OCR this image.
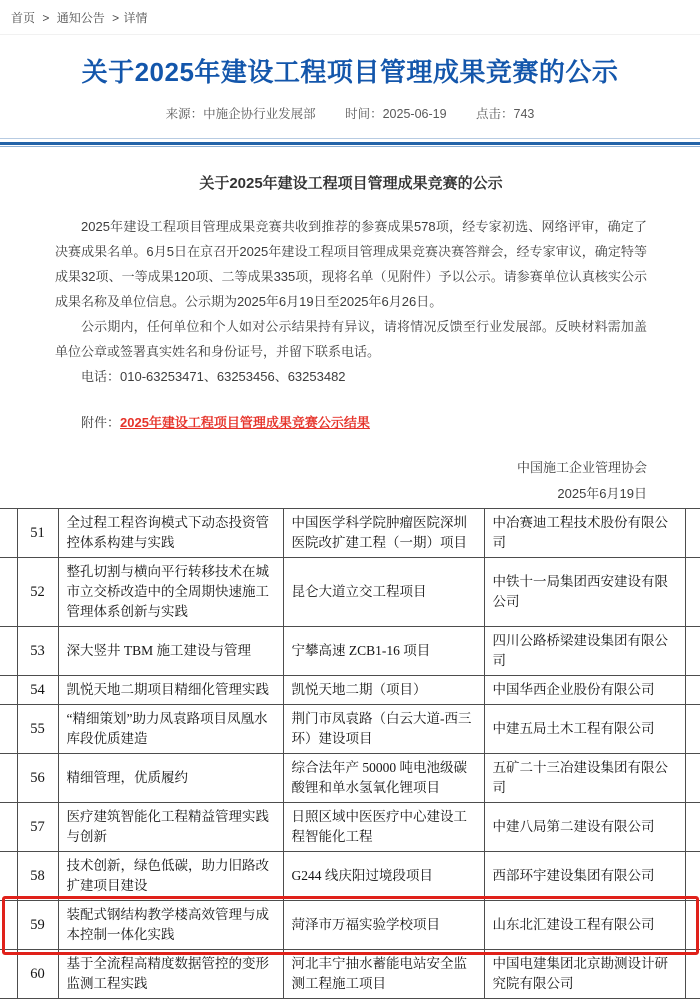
首页 > 通知公告 > 详情
关于2025年建设工程项目管理成果竞赛的公示
来源：中施企协行业发展部 时间：2025-06-19 点击：743
关于2025年建设工程项目管理成果竞赛的公示

2025年建设工程项目管理成果竞赛共收到推荐的参赛成果578项，经专家初选、网络评审，确定了决赛成果名单。6月5日在京召开2025年建设工程项目管理成果竞赛决赛答辩会，经专家审议，确定特等成果32项、一等成果120项、二等成果335项，现将名单（见附件）予以公示。请参赛单位认真核实公示成果名称及单位信息。公示期为2025年6月19日至2025年6月26日。

公示期内，任何单位和个人如对公示结果持有异议，请将情况反馈至行业发展部。反映材料需加盖单位公章或签署真实姓名和身份证号，并留下联系电话。

电话：010-63253471、63253456、63253482
附件：2025年建设工程项目管理成果竞赛公示结果
中国施工企业管理协会
2025年6月19日
	51	全过程工程咨询模式下动态投资管控体系构建与实践	中国医学科学院肿瘤医院深圳医院改扩建工程（一期）项目	中冶赛迪工程技术股份有限公司	

	52	整孔切割与横向平行转移技术在城市立交桥改造中的全周期快速施工管理体系创新与实践	昆仑大道立交工程项目	中铁十一局集团西安建设有限公司	

	53	深大竖井 TBM 施工建设与管理	宁攀高速 ZCB1-16 项目	四川公路桥梁建设集团有限公司	

	54	凯悦天地二期项目精细化管理实践	凯悦天地二期（项目）	中国华西企业股份有限公司	

	55	“精细策划”助力凤袁路项目凤凰水库段优质建造	荆门市凤袁路（白云大道-西三环）建设项目	中建五局土木工程有限公司	

	56	精细管理，优质履约	综合法年产 50000 吨电池级碳酸锂和单水氢氧化锂项目	五矿二十三冶建设集团有限公司	

	57	医疗建筑智能化工程精益管理实践与创新	日照区域中医医疗中心建设工程智能化工程	中建八局第二建设有限公司	

	58	技术创新，绿色低碳，助力旧路改扩建项目建设	G244 线庆阳过境段项目	西部环宇建设集团有限公司	

	59	装配式钢结构教学楼高效管理与成本控制一体化实践	菏泽市万福实验学校项目	山东北汇建设工程有限公司	

	60	基于全流程高精度数据管控的变形监测工程实践	河北丰宁抽水蓄能电站安全监测工程施工项目	中国电建集团北京勘测设计研究院有限公司	
